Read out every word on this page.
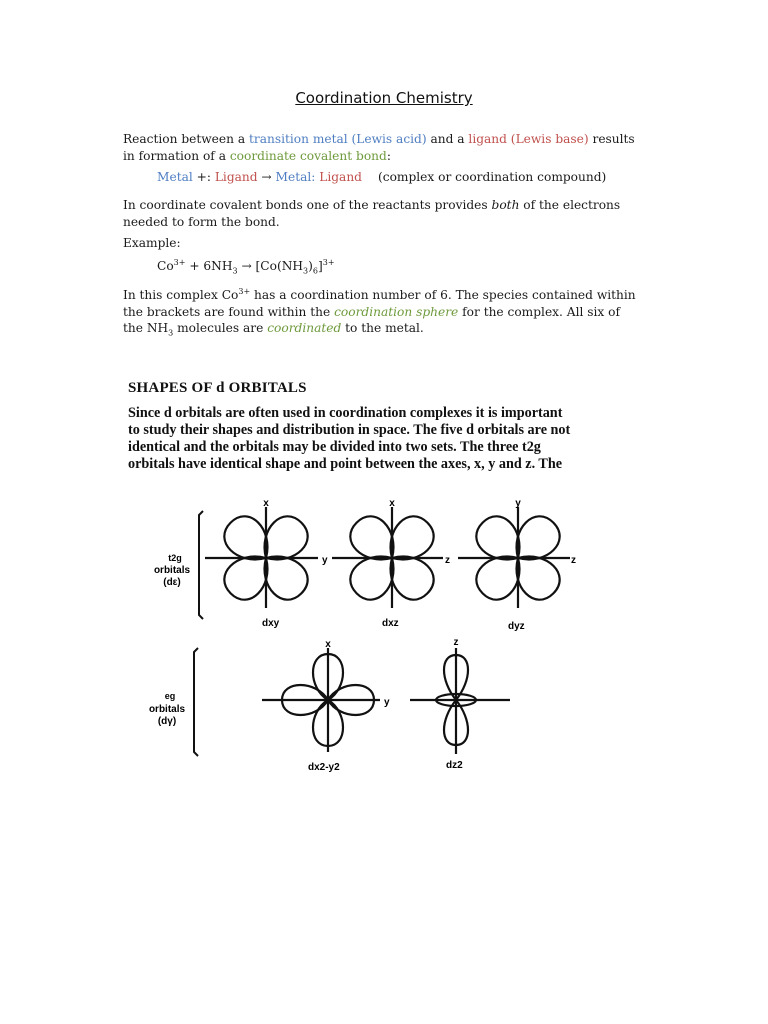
Coordination Chemistry
Reaction between a transition metal (Lewis acid) and a ligand (Lewis base) results in formation of a coordinate covalent bond:
Metal +: Ligand → Metal: Ligand (complex or coordination compound)
In coordinate covalent bonds one of the reactants provides both of the electrons needed to form the bond.
Example:
$Co^{3+} + 6NH_3 \to [Co(NH_3)_6]^{3+}$
In this complex $Co^{3+}$ has a coordination number of 6. The species contained within the brackets are found within the coordination sphere for the complex. All six of the $NH_3$ molecules are coordinated to the metal.
SHAPES OF d ORBITALS
Since d orbitals are often used in coordination complexes it is important
to study their shapes and distribution in space. The five d orbitals are not
identical and the orbitals may be divided into two sets. The three t2g
orbitals have identical shape and point between the axes, x, y and z. The
t2g
orbitals
(dε)
eg
orbitals
(dγ)
x
y
dxy
x
z
dxz
y
z
dyz
x
y
dx2-y2
z
dz2
